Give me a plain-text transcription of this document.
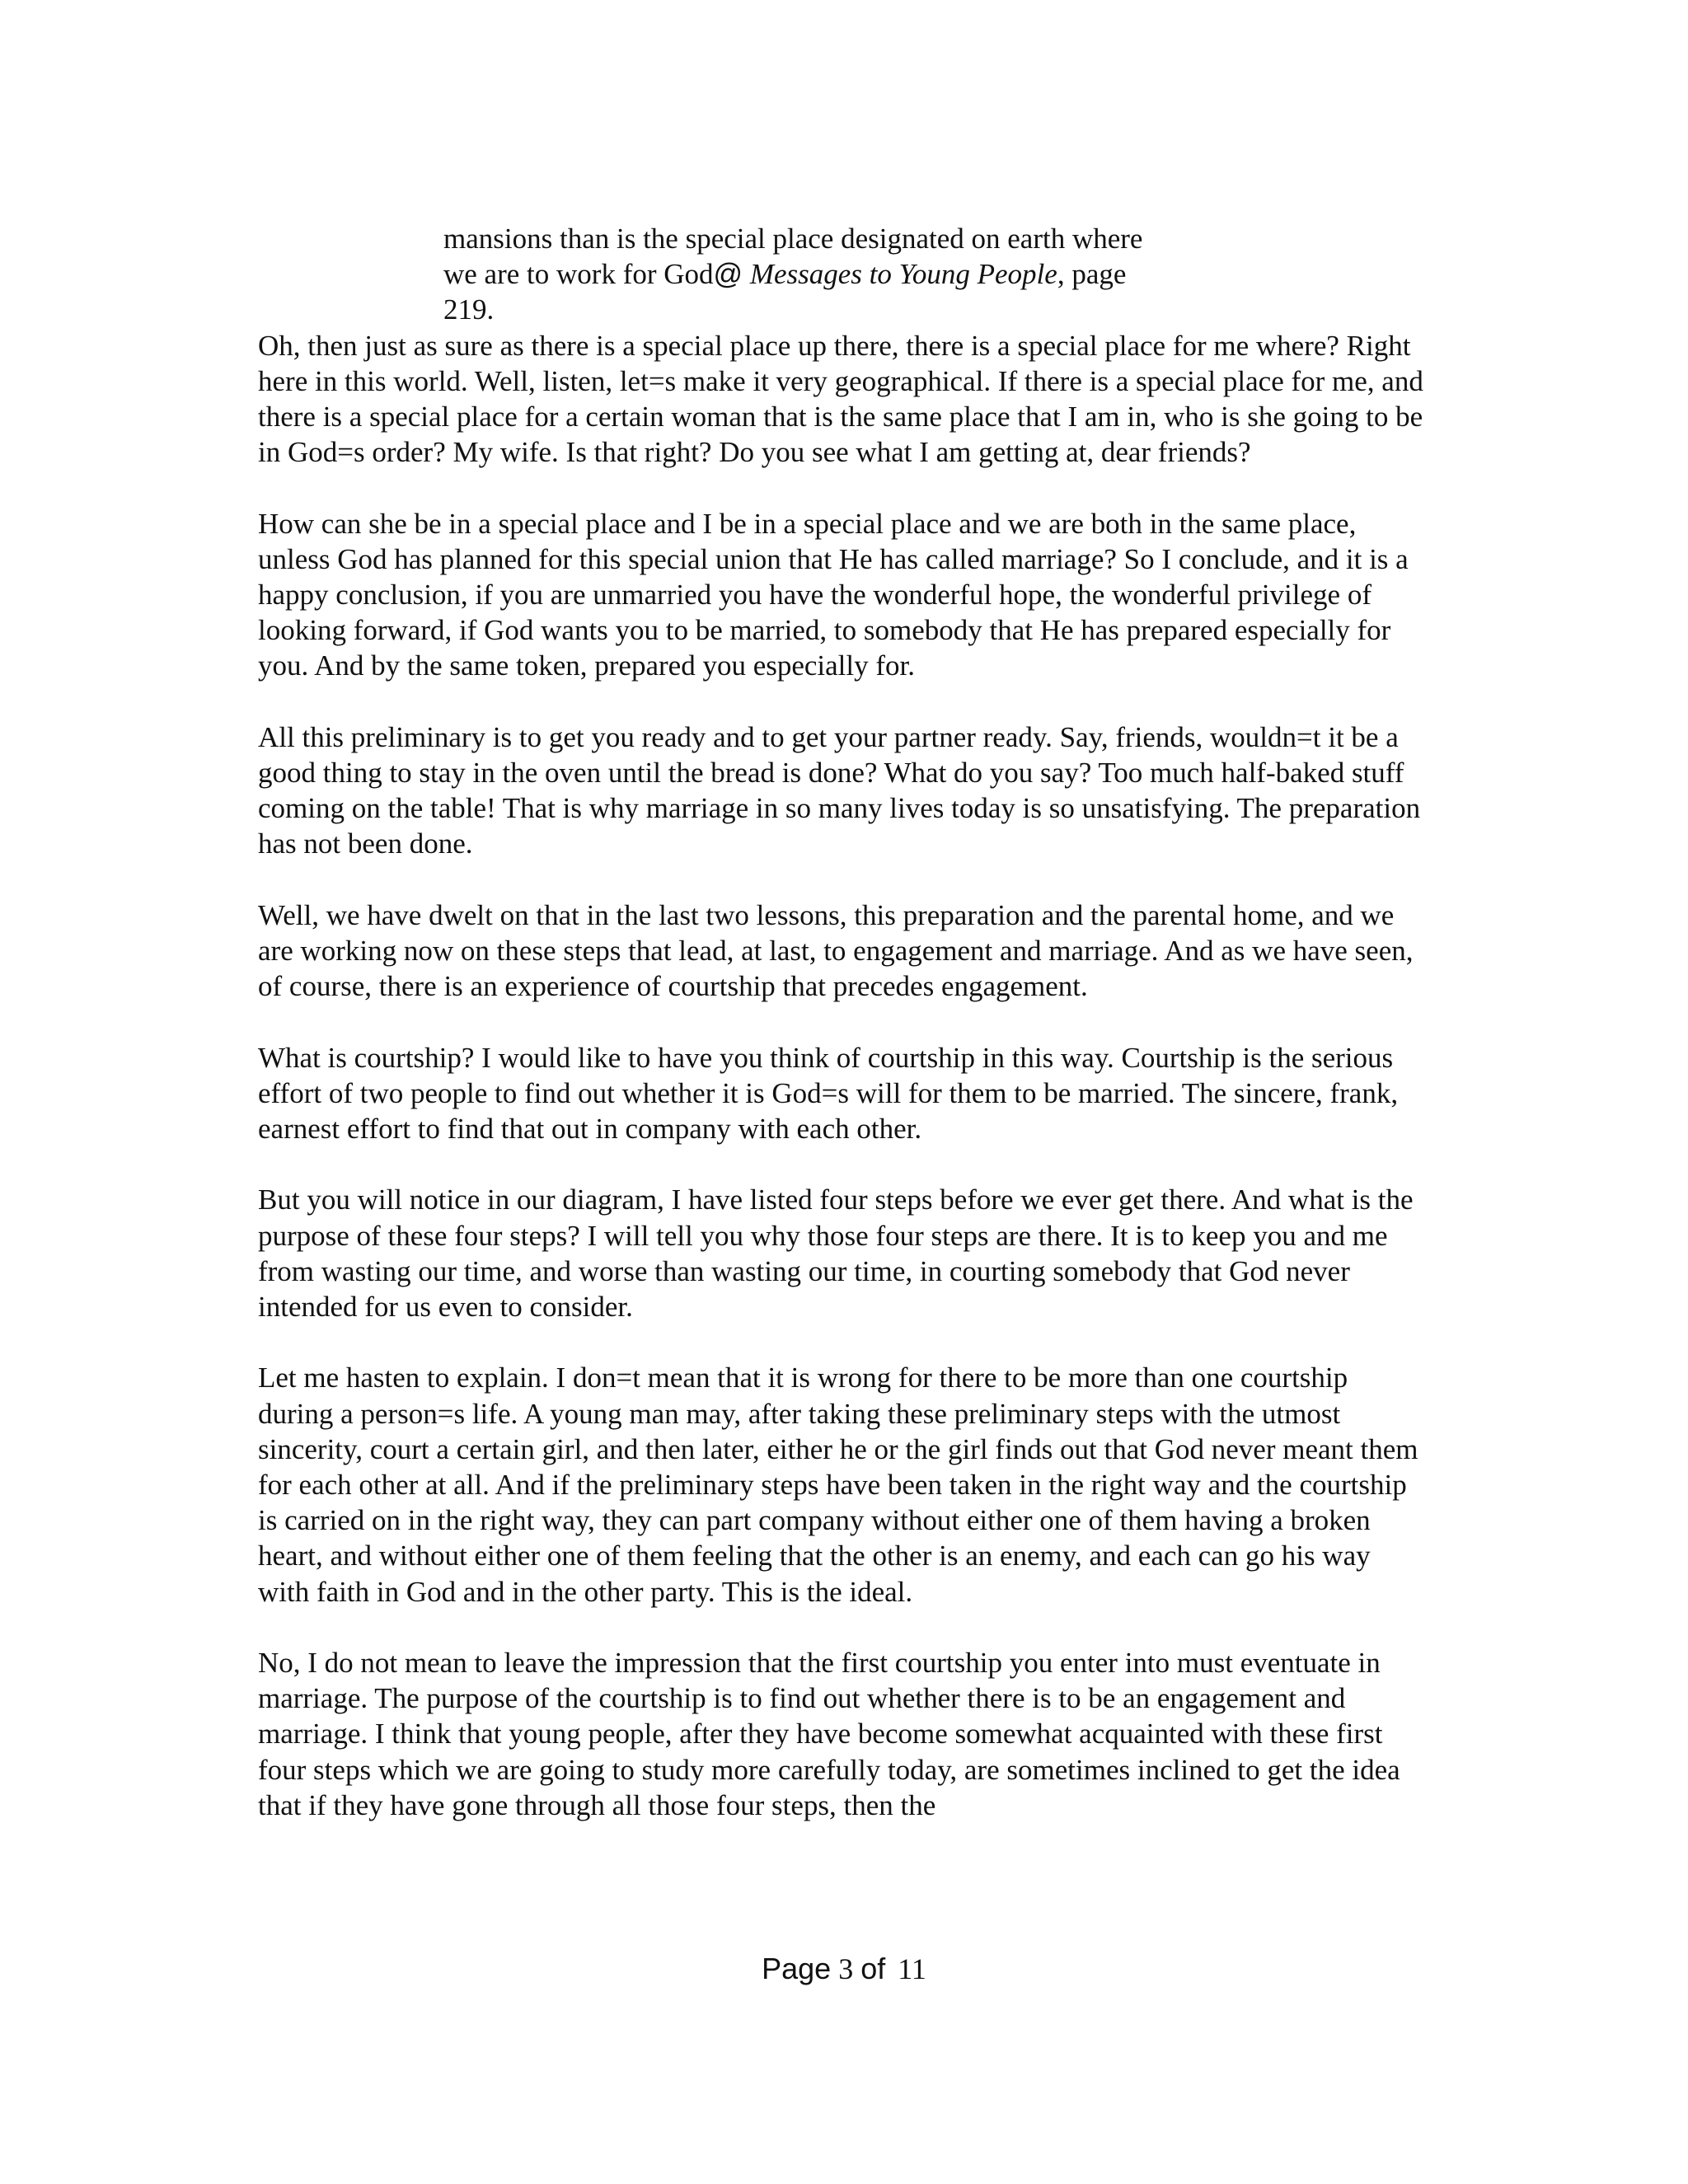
mansions than is the special place designated on earth where
we are to work for God@ Messages to Young People, page
219.

Oh, then just as sure as there is a special place up there, there is a special place for me where? Right here in this world. Well, listen, let=s make it very geographical. If there is a special place for me, and there is a special place for a certain woman that is the same place that I am in, who is she going to be in God=s order? My wife. Is that right? Do you see what I am getting at, dear friends?

How can she be in a special place and I be in a special place and we are both in the same place, unless God has planned for this special union that He has called marriage? So I conclude, and it is a happy conclusion, if you are unmarried you have the wonderful hope, the wonderful privilege of looking forward, if God wants you to be married, to somebody that He has prepared especially for you. And by the same token, prepared you especially for.

All this preliminary is to get you ready and to get your partner ready. Say, friends, wouldn=t it be a good thing to stay in the oven until the bread is done? What do you say? Too much half-baked stuff coming on the table! That is why marriage in so many lives today is so unsatisfying. The preparation has not been done.

Well, we have dwelt on that in the last two lessons, this preparation and the parental home, and we are working now on these steps that lead, at last, to engagement and marriage. And as we have seen, of course, there is an experience of courtship that precedes engagement.

What is courtship? I would like to have you think of courtship in this way. Courtship is the serious effort of two people to find out whether it is God=s will for them to be married. The sincere, frank, earnest effort to find that out in company with each other.

But you will notice in our diagram, I have listed four steps before we ever get there. And what is the purpose of these four steps? I will tell you why those four steps are there. It is to keep you and me from wasting our time, and worse than wasting our time, in courting somebody that God never intended for us even to consider.

Let me hasten to explain. I don=t mean that it is wrong for there to be more than one courtship during a person=s life. A young man may, after taking these preliminary steps with the utmost sincerity, court a certain girl, and then later, either he or the girl finds out that God never meant them for each other at all. And if the preliminary steps have been taken in the right way and the courtship is carried on in the right way, they can part company without either one of them having a broken heart, and without either one of them feeling that the other is an enemy, and each can go his way with faith in God and in the other party. This is the ideal.

No, I do not mean to leave the impression that the first courtship you enter into must eventuate in marriage. The purpose of the courtship is to find out whether there is to be an engagement and marriage. I think that young people, after they have become somewhat acquainted with these first four steps which we are going to study more carefully today, are sometimes inclined to get the idea that if they have gone through all those four steps, then the

Page 3 of 11
